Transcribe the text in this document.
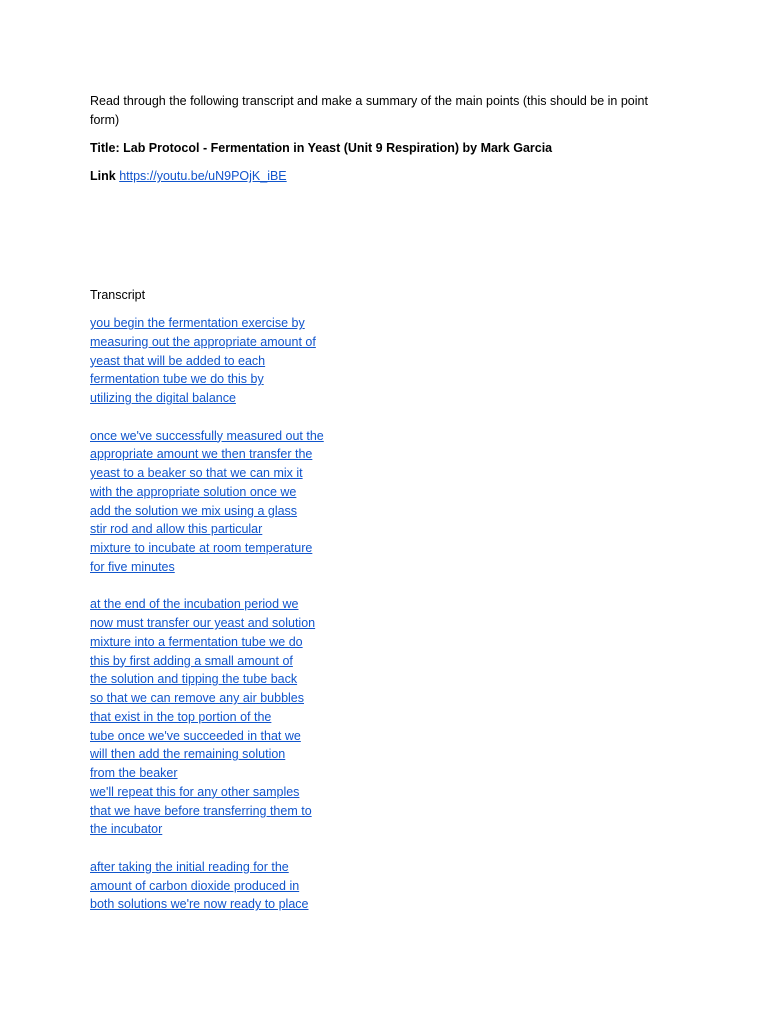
Read through the following transcript and make a summary of the main points (this should be in point form)

Title: Lab Protocol - Fermentation in Yeast (Unit 9 Respiration) by Mark Garcia

Link https://youtu.be/uN9POjK_iBE

Transcript
you begin the fermentation exercise by
measuring out the appropriate amount of
yeast that will be added to each
fermentation tube we do this by
utilizing the digital balance
once we've successfully measured out the
appropriate amount we then transfer the
yeast to a beaker so that we can mix it
with the appropriate solution once we
add the solution we mix using a glass
stir rod and allow this particular
mixture to incubate at room temperature
for five minutes
at the end of the incubation period we
now must transfer our yeast and solution
mixture into a fermentation tube we do
this by first adding a small amount of
the solution and tipping the tube back
so that we can remove any air bubbles
that exist in the top portion of the
tube once we've succeeded in that we
will then add the remaining solution
from the beaker
we'll repeat this for any other samples
that we have before transferring them to
the incubator
after taking the initial reading for the
amount of carbon dioxide produced in
both solutions we're now ready to place
